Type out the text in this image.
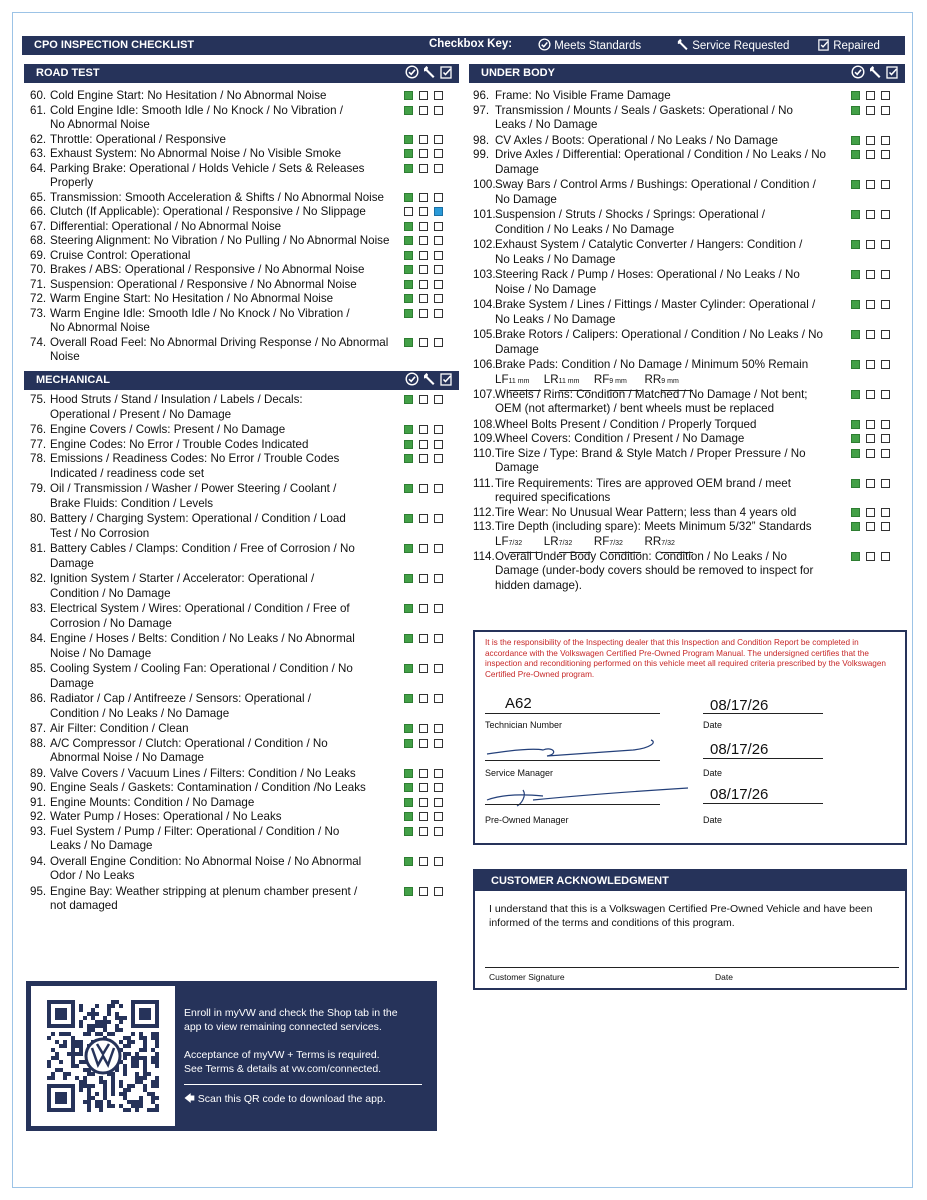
CPO INSPECTION CHECKLIST	Checkbox Key:	Meets Standards	Service Requested	Repaired
ROAD TEST
MECHANICAL
UNDER BODY
60. Cold Engine Start: No Hesitation / No Abnormal Noise
61. Cold Engine Idle: Smooth Idle / No Knock / No Vibration /
No Abnormal Noise
62. Throttle: Operational / Responsive
63. Exhaust System: No Abnormal Noise / No Visible Smoke
64. Parking Brake: Operational / Holds Vehicle / Sets & Releases
Properly
65. Transmission: Smooth Acceleration & Shifts / No Abnormal Noise
66. Clutch (If Applicable): Operational / Responsive / No Slippage
67. Differential: Operational / No Abnormal Noise
68. Steering Alignment: No Vibration / No Pulling / No Abnormal Noise
69. Cruise Control: Operational
70. Brakes / ABS: Operational / Responsive / No Abnormal Noise
71. Suspension: Operational / Responsive / No Abnormal Noise
72. Warm Engine Start: No Hesitation / No Abnormal Noise
73. Warm Engine Idle: Smooth Idle / No Knock / No Vibration /
No Abnormal Noise
74. Overall Road Feel: No Abnormal Driving Response / No Abnormal
Noise
75. Hood Struts / Stand / Insulation / Labels / Decals:
Operational / Present / No Damage
76. Engine Covers / Cowls: Present / No Damage
77. Engine Codes: No Error / Trouble Codes Indicated
78. Emissions / Readiness Codes: No Error / Trouble Codes
Indicated / readiness code set
79. Oil / Transmission / Washer / Power Steering / Coolant /
Brake Fluids: Condition / Levels
80. Battery / Charging System: Operational / Condition / Load
Test / No Corrosion
81. Battery Cables / Clamps: Condition / Free of Corrosion / No
Damage
82. Ignition System / Starter / Accelerator: Operational /
Condition / No Damage
83. Electrical System / Wires: Operational / Condition / Free of
Corrosion / No Damage
84. Engine / Hoses / Belts: Condition / No Leaks / No Abnormal
Noise / No Damage
85. Cooling System / Cooling Fan: Operational / Condition / No
Damage
86. Radiator / Cap / Antifreeze / Sensors: Operational /
Condition / No Leaks / No Damage
87. Air Filter: Condition / Clean
88. A/C Compressor / Clutch: Operational / Condition / No
Abnormal Noise / No Damage
89. Valve Covers / Vacuum Lines / Filters: Condition / No Leaks
90. Engine Seals / Gaskets: Contamination / Condition /No Leaks
91. Engine Mounts: Condition / No Damage
92. Water Pump / Hoses: Operational / No Leaks
93. Fuel System / Pump / Filter: Operational / Condition / No
Leaks / No Damage
94. Overall Engine Condition: No Abnormal Noise / No Abnormal
Odor / No Leaks
95. Engine Bay: Weather stripping at plenum chamber present /
not damaged
96. Frame: No Visible Frame Damage
97. Transmission / Mounts / Seals / Gaskets: Operational / No
Leaks / No Damage
98. CV Axles / Boots: Operational / No Leaks / No Damage
99. Drive Axles / Differential: Operational / Condition / No Leaks / No
Damage
100. Sway Bars / Control Arms / Bushings: Operational / Condition /
No Damage
101. Suspension / Struts / Shocks / Springs: Operational /
Condition / No Leaks / No Damage
102. Exhaust System / Catalytic Converter / Hangers: Condition /
No Leaks / No Damage
103. Steering Rack / Pump / Hoses: Operational / No Leaks / No
Noise / No Damage
104. Brake System / Lines / Fittings / Master Cylinder: Operational /
No Leaks / No Damage
105. Brake Rotors / Calipers: Operational / Condition / No Leaks / No
Damage
106. Brake Pads: Condition / No Damage / Minimum 50% Remain
107. Wheels / Rims: Condition / Matched / No Damage / Not bent;
OEM (not aftermarket) / bent wheels must be replaced
108. Wheel Bolts Present / Condition / Properly Torqued
109. Wheel Covers: Condition / Present / No Damage
110. Tire Size / Type: Brand & Style Match / Proper Pressure / No
Damage
111. Tire Requirements: Tires are approved OEM brand / meet
required specifications
112. Tire Wear: No Unusual Wear Pattern; less than 4 years old
113. Tire Depth (including spare): Meets Minimum 5/32” Standards
114. Overall Under Body Condition: Condition / No Leaks / No
Damage (under-body covers should be removed to inspect for
hidden damage).
LF11 mm LR11 mm RF9 mm RR9 mm
LF7/32 LR7/32 RF7/32 RR7/32
It is the responsibility of the Inspecting dealer that this Inspection and Condition Report be completed in accordance with the Volkswagen Certified Pre-Owned Program Manual. The undersigned certifies that the inspection and reconditioning performed on this vehicle meet all required criteria prescribed by the Volkswagen Certified Pre-Owned program.
A62
Technician Number
08/17/26
Date
Service Manager
08/17/26
Date
Pre-Owned Manager
08/17/26
Date
CUSTOMER ACKNOWLEDGMENT
I understand that this is a Volkswagen Certified Pre-Owned Vehicle and have been informed of the terms and conditions of this program.
Customer Signature	Date
Enroll in myVW and check the Shop tab in the
app to view remaining connected services.
Acceptance of myVW + Terms is required.
See Terms & details at vw.com/connected.
🡄 Scan this QR code to download the app.
